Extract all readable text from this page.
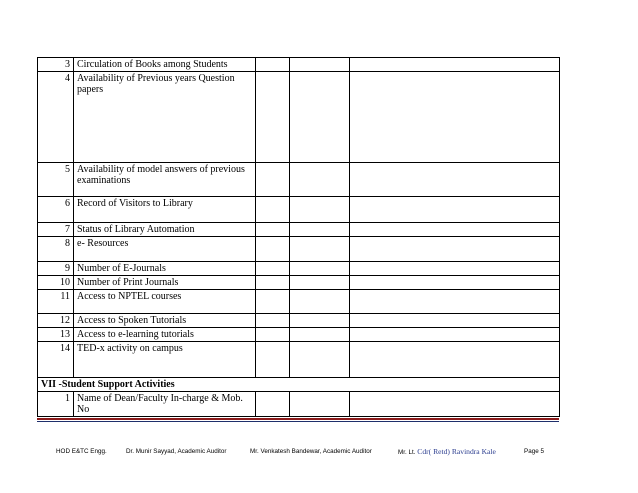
3	Circulation of Books among Students			
4	Availability of Previous years Question papers			
5	Availability of model answers of previous examinations			
6	Record of Visitors to Library			
7	Status of Library Automation			
8	e- Resources			
9	Number of E-Journals			
10	Number of Print Journals			
11	Access to NPTEL courses			
12	Access to Spoken Tutorials			
13	Access to e-learning tutorials			
14	TED-x activity on campus			
VII -Student Support Activities				
1	Name of Dean/Faculty In-charge & Mob. No			
HOD E&TC Engg.	Dr. Munir Sayyad, Academic Auditor	Mr. Venkatesh Bandewar, Academic Auditor	Mr. Lt. Cdr( Retd) Ravindra Kale	Page 5
